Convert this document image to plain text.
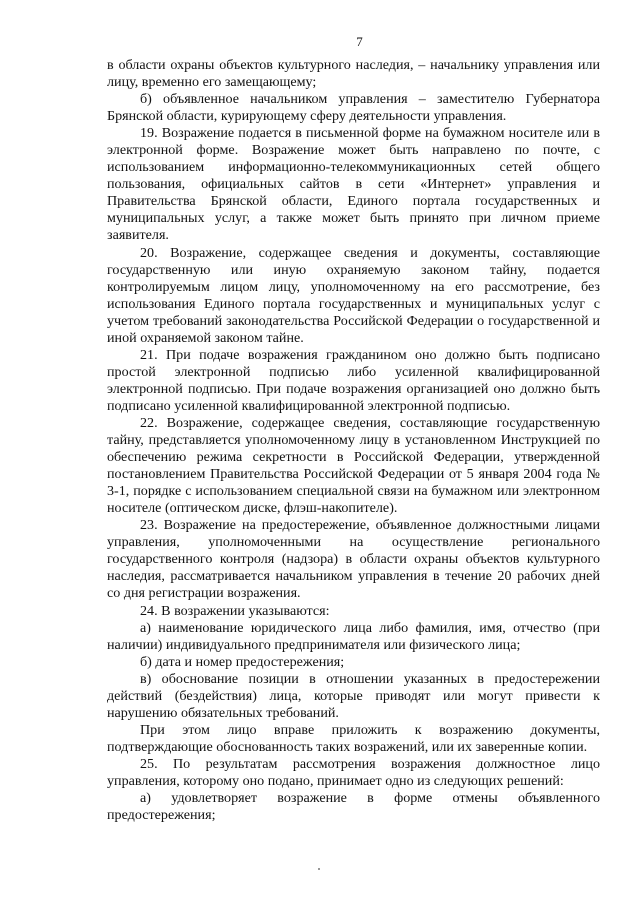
7

в области охраны объектов культурного наследия, – начальнику управления или лицу, временно его замещающему;

б) объявленное начальником управления – заместителю Губернатора Брянской области, курирующему сферу деятельности управления.

19. Возражение подается в письменной форме на бумажном носителе или в электронной форме. Возражение может быть направлено по почте, с использованием информационно-телекоммуникационных сетей общего пользования, официальных сайтов в сети «Интернет» управления и Правительства Брянской области, Единого портала государственных и муниципальных услуг, а также может быть принято при личном приеме заявителя.

20. Возражение, содержащее сведения и документы, составляющие государственную или иную охраняемую законом тайну, подается контролируемым лицом лицу, уполномоченному на его рассмотрение, без использования Единого портала государственных и муниципальных услуг с учетом требований законодательства Российской Федерации о государственной и иной охраняемой законом тайне.

21. При подаче возражения гражданином оно должно быть подписано простой электронной подписью либо усиленной квалифицированной электронной подписью. При подаче возражения организацией оно должно быть подписано усиленной квалифицированной электронной подписью.

22. Возражение, содержащее сведения, составляющие государственную тайну, представляется уполномоченному лицу в установленном Инструкцией по обеспечению режима секретности в Российской Федерации, утвержденной постановлением Правительства Российской Федерации от 5 января 2004 года № 3-1, порядке с использованием специальной связи на бумажном или электронном носителе (оптическом диске, флэш-накопителе).

23. Возражение на предостережение, объявленное должностными лицами управления, уполномоченными на осуществление регионального государственного контроля (надзора) в области охраны объектов культурного наследия, рассматривается начальником управления в течение 20 рабочих дней со дня регистрации возражения.

24. В возражении указываются:

а) наименование юридического лица либо фамилия, имя, отчество (при наличии) индивидуального предпринимателя или физического лица;

б) дата и номер предостережения;

в) обоснование позиции в отношении указанных в предостережении действий (бездействия) лица, которые приводят или могут привести к нарушению обязательных требований.

При этом лицо вправе приложить к возражению документы, подтверждающие обоснованность таких возражений, или их заверенные копии.

25. По результатам рассмотрения возражения должностное лицо управления, которому оно подано, принимает одно из следующих решений:

а) удовлетворяет возражение в форме отмены объявленного предостережения;
